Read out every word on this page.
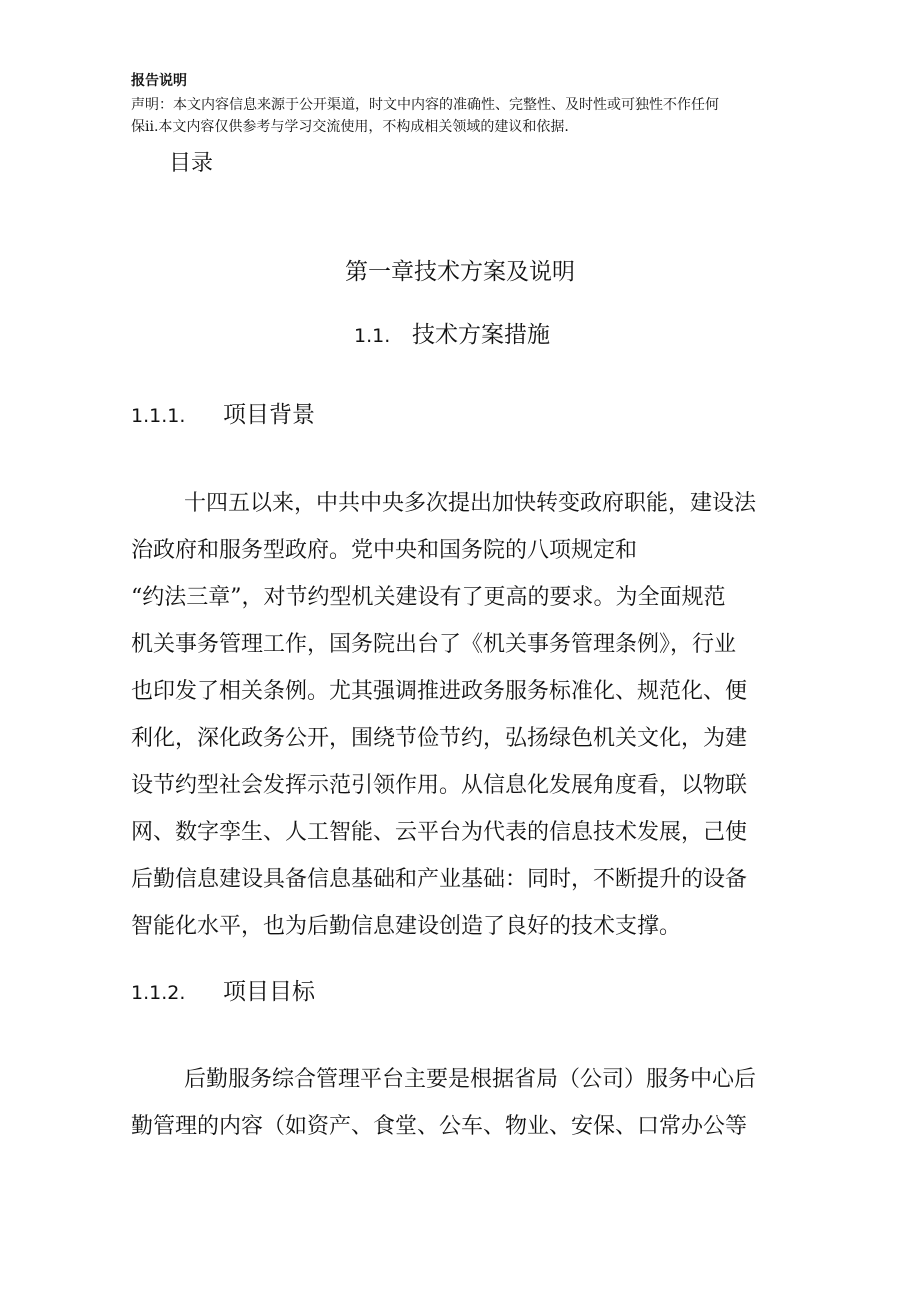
报告说明
声明：本文内容信息来源于公开渠道，时文中内容的准确性、完整性、及时性或可独性不作任何
保ii.本文内容仅供参考与学习交流使用，不构成相关领域的建议和依据.
目录
第一章技术方案及说明
1.1. 技术方案措施
1.1.1. 项目背景
十四五以来，中共中央多次提出加快转变政府职能，建设法
治政府和服务型政府。党中央和国务院的八项规定和
“约法三章”，对节约型机关建设有了更高的要求。为全面规范
机关事务管理工作，国务院出台了《机关事务管理条例》，行业
也印发了相关条例。尤其强调推进政务服务标准化、规范化、便
利化，深化政务公开，围绕节俭节约，弘扬绿色机关文化，为建
设节约型社会发挥示范引领作用。从信息化发展角度看，以物联
网、数字孪生、人工智能、云平台为代表的信息技术发展，己使
后勤信息建设具备信息基础和产业基础：同时，不断提升的设备
智能化水平，也为后勤信息建设创造了良好的技术支撑。
1.1.2. 项目目标
后勤服务综合管理平台主要是根据省局（公司）服务中心后
勤管理的内容（如资产、食堂、公车、物业、安保、口常办公等
